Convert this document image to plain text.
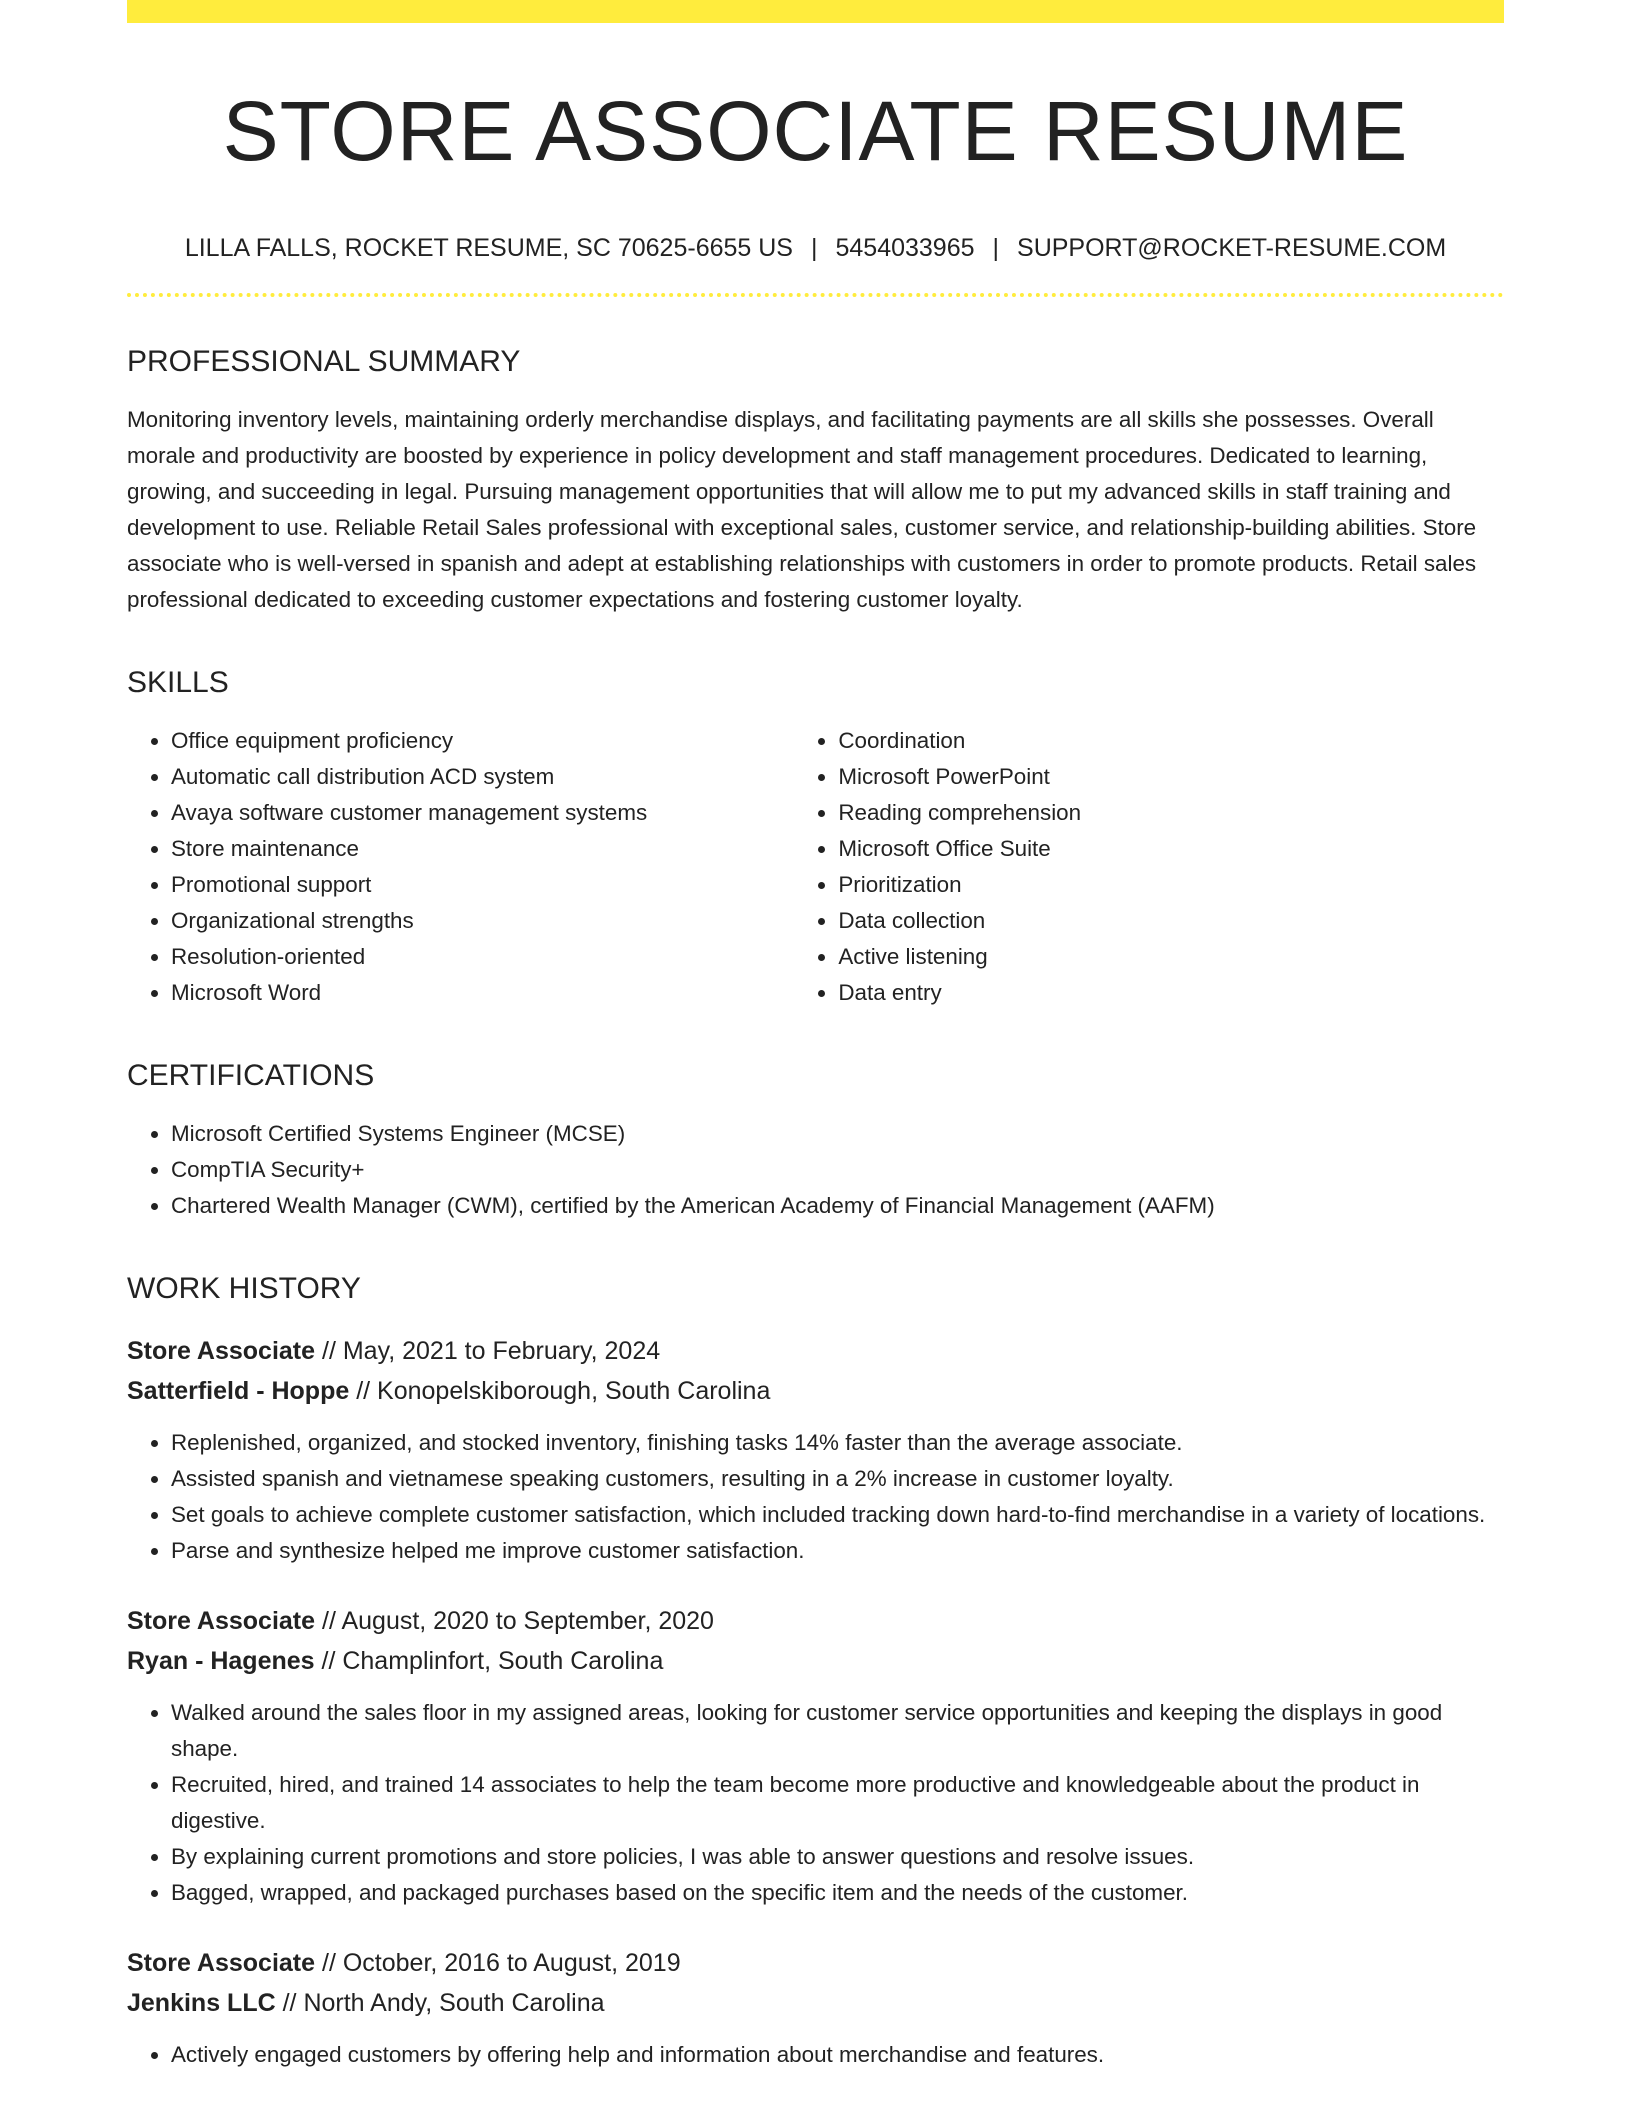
STORE ASSOCIATE RESUME
LILLA FALLS, ROCKET RESUME, SC 70625-6655 US | 5454033965 | SUPPORT@ROCKET-RESUME.COM
PROFESSIONAL SUMMARY

Monitoring inventory levels, maintaining orderly merchandise displays, and facilitating payments are all skills she possesses. Overall morale and productivity are boosted by experience in policy development and staff management procedures. Dedicated to learning, growing, and succeeding in legal. Pursuing management opportunities that will allow me to put my advanced skills in staff training and development to use. Reliable Retail Sales professional with exceptional sales, customer service, and relationship-building abilities. Store associate who is well-versed in spanish and adept at establishing relationships with customers in order to promote products. Retail sales professional dedicated to exceeding customer expectations and fostering customer loyalty.

SKILLS
• Office equipment proficiency
• Automatic call distribution ACD system
• Avaya software customer management systems
• Store maintenance
• Promotional support
• Organizational strengths
• Resolution-oriented
• Microsoft Word
• Coordination
• Microsoft PowerPoint
• Reading comprehension
• Microsoft Office Suite
• Prioritization
• Data collection
• Active listening
• Data entry
CERTIFICATIONS
• Microsoft Certified Systems Engineer (MCSE)
• CompTIA Security+
• Chartered Wealth Manager (CWM), certified by the American Academy of Financial Management (AAFM)
WORK HISTORY
Store Associate // May, 2021 to February, 2024
Satterfield - Hoppe // Konopelskiborough, South Carolina
• Replenished, organized, and stocked inventory, finishing tasks 14% faster than the average associate.
• Assisted spanish and vietnamese speaking customers, resulting in a 2% increase in customer loyalty.
• Set goals to achieve complete customer satisfaction, which included tracking down hard-to-find merchandise in a variety of locations.
• Parse and synthesize helped me improve customer satisfaction.
Store Associate // August, 2020 to September, 2020
Ryan - Hagenes // Champlinfort, South Carolina
• Walked around the sales floor in my assigned areas, looking for customer service opportunities and keeping the displays in good shape.
• Recruited, hired, and trained 14 associates to help the team become more productive and knowledgeable about the product in digestive.
• By explaining current promotions and store policies, I was able to answer questions and resolve issues.
• Bagged, wrapped, and packaged purchases based on the specific item and the needs of the customer.
Store Associate // October, 2016 to August, 2019
Jenkins LLC // North Andy, South Carolina
• Actively engaged customers by offering help and information about merchandise and features.
